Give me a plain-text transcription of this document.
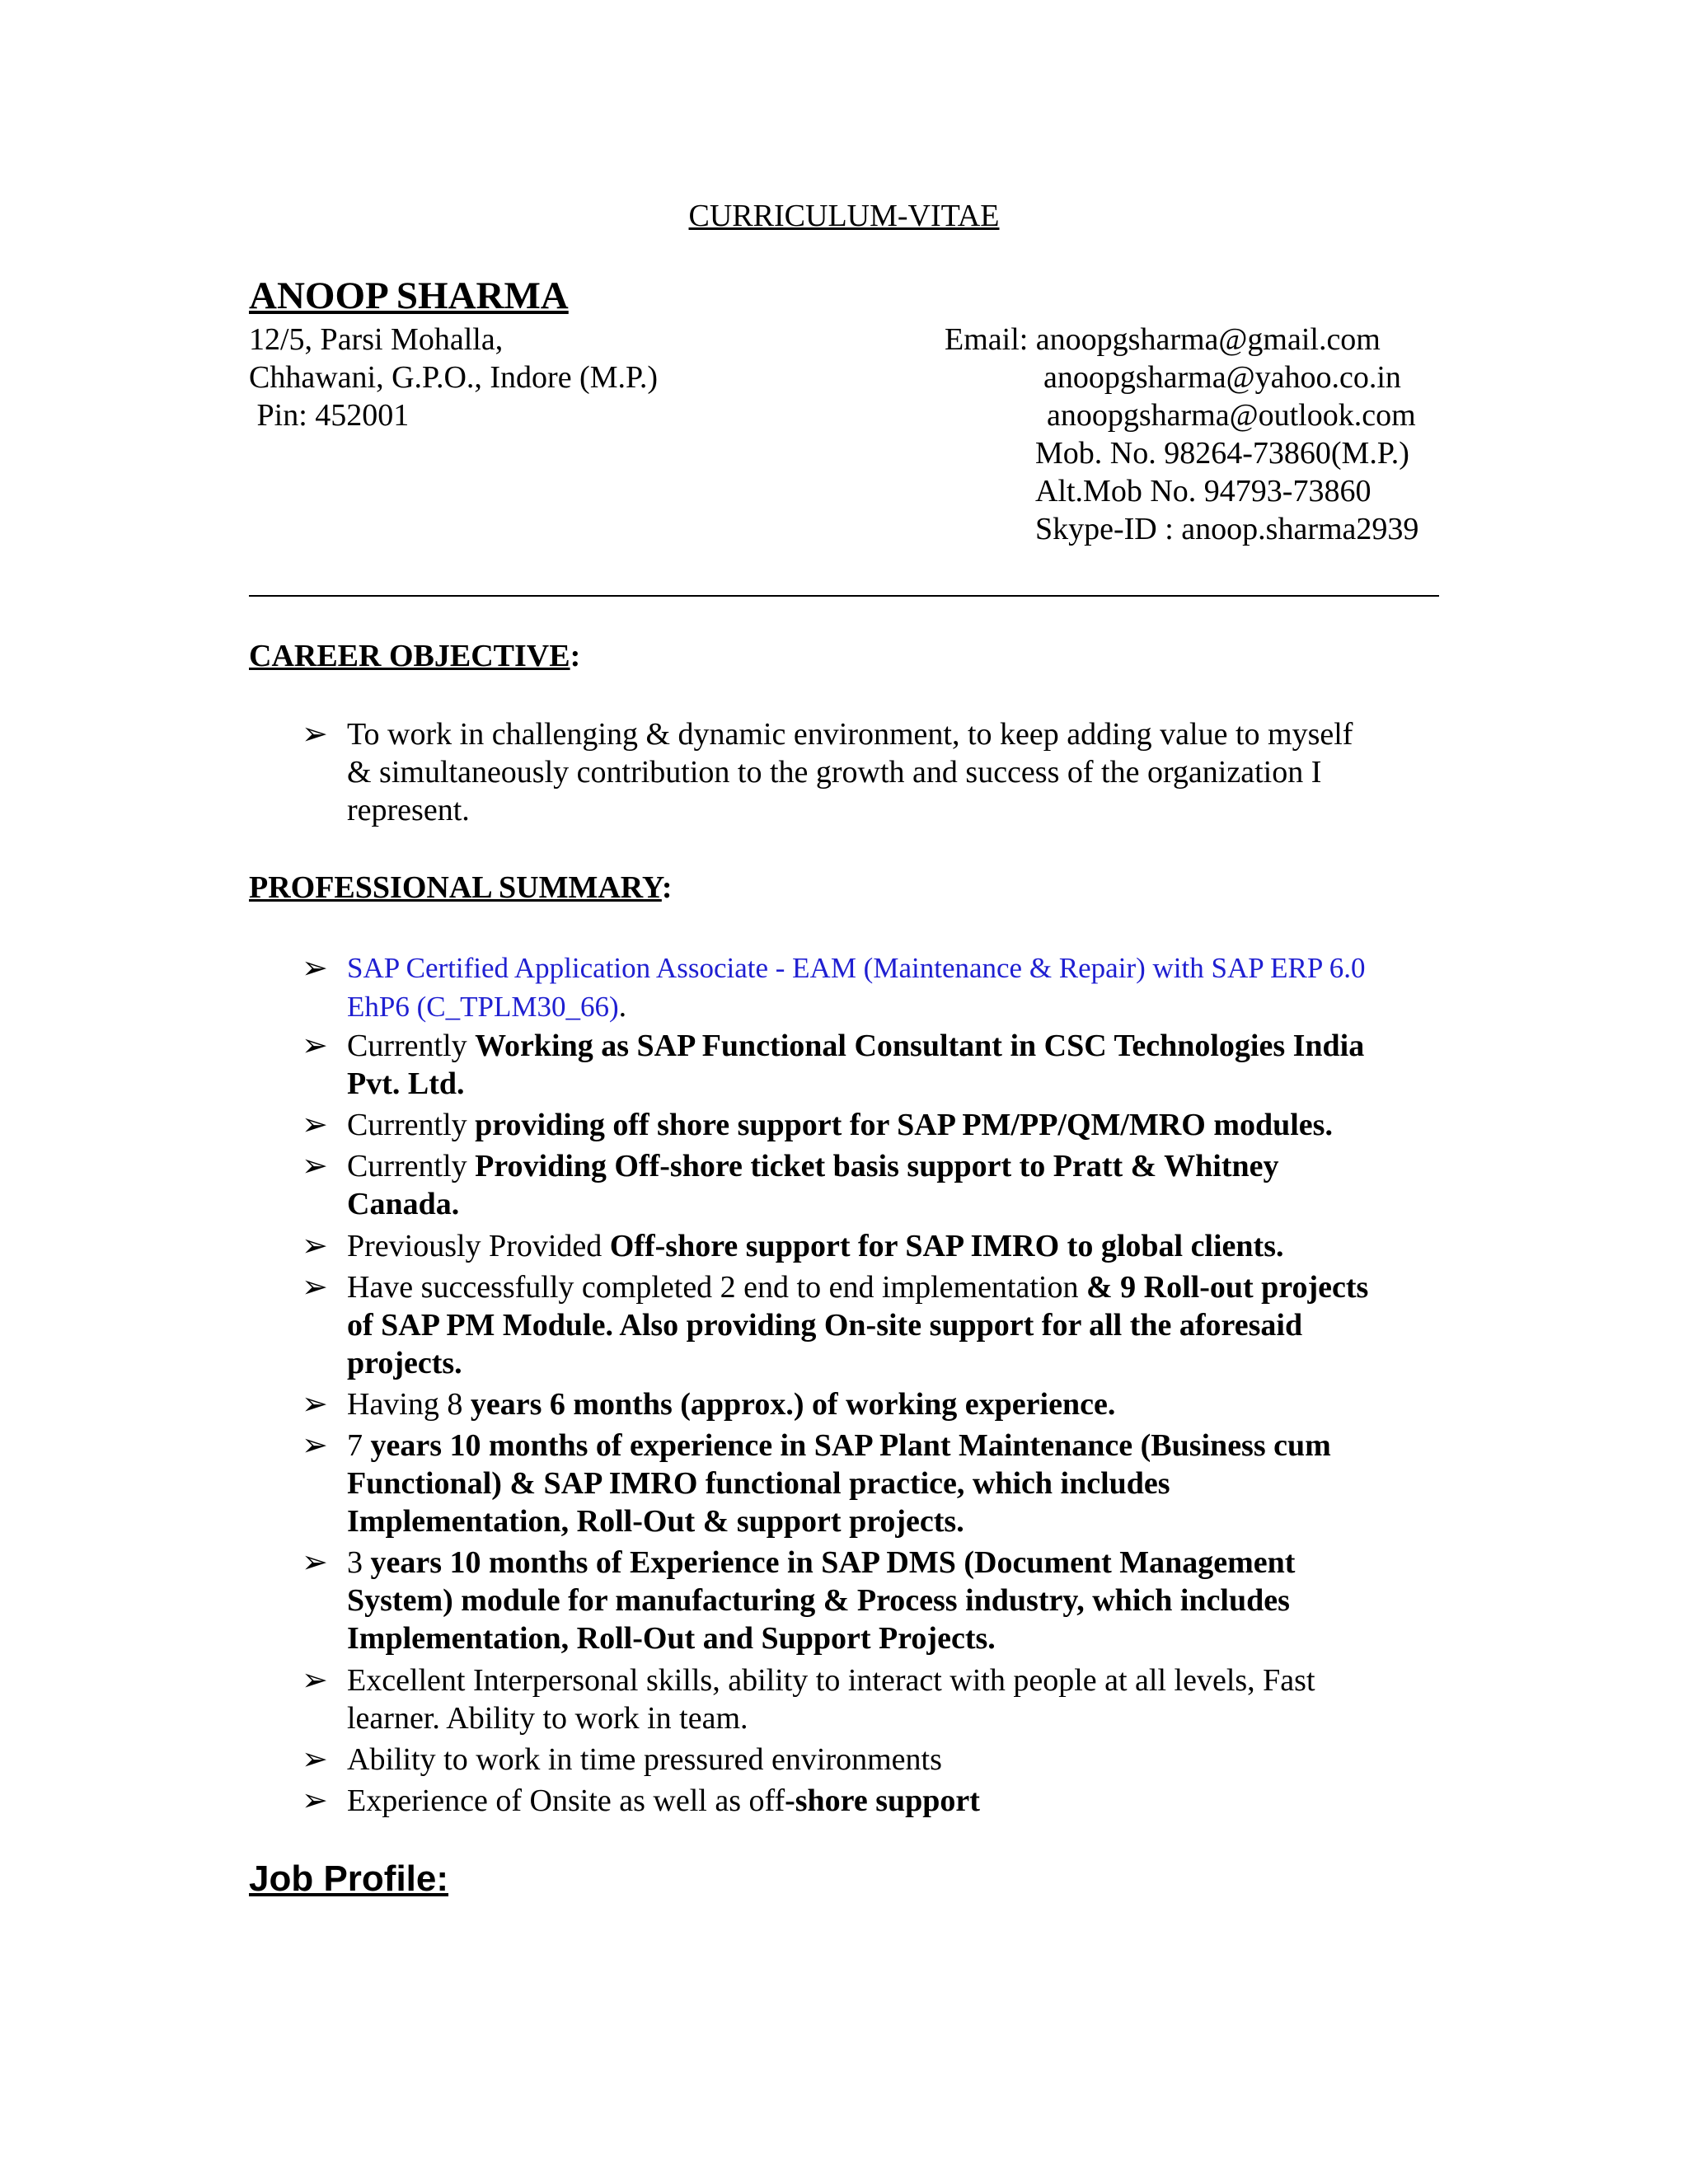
CURRICULUM-VITAE
ANOOP SHARMA
12/5, Parsi Mohalla,
Chhawani, G.P.O., Indore (M.P.)
Pin: 452001
Email: anoopgsharma@gmail.com
anoopgsharma@yahoo.co.in
anoopgsharma@outlook.com
Mob. No. 98264-73860(M.P.)
Alt.Mob No. 94793-73860
Skype-ID : anoop.sharma2939
CAREER OBJECTIVE:
➢ To work in challenging & dynamic environment, to keep adding value to myself
& simultaneously contribution to the growth and success of the organization I
represent.
PROFESSIONAL SUMMARY:
➢ SAP Certified Application Associate - EAM (Maintenance & Repair) with SAP ERP 6.0
EhP6 (C_TPLM30_66).
➢ Currently Working as SAP Functional Consultant in CSC Technologies India
Pvt. Ltd.
➢ Currently providing off shore support for SAP PM/PP/QM/MRO modules.
➢ Currently Providing Off-shore ticket basis support to Pratt & Whitney
Canada.
➢ Previously Provided Off-shore support for SAP IMRO to global clients.
➢ Have successfully completed 2 end to end implementation & 9 Roll-out projects
of SAP PM Module. Also providing On-site support for all the aforesaid
projects.
➢ Having 8 years 6 months (approx.) of working experience.
➢ 7 years 10 months of experience in SAP Plant Maintenance (Business cum
Functional) & SAP IMRO functional practice, which includes
Implementation, Roll-Out & support projects.
➢ 3 years 10 months of Experience in SAP DMS (Document Management
System) module for manufacturing & Process industry, which includes
Implementation, Roll-Out and Support Projects.
➢ Excellent Interpersonal skills, ability to interact with people at all levels, Fast
learner. Ability to work in team.
➢ Ability to work in time pressured environments
➢ Experience of Onsite as well as off-shore support
Job Profile:
